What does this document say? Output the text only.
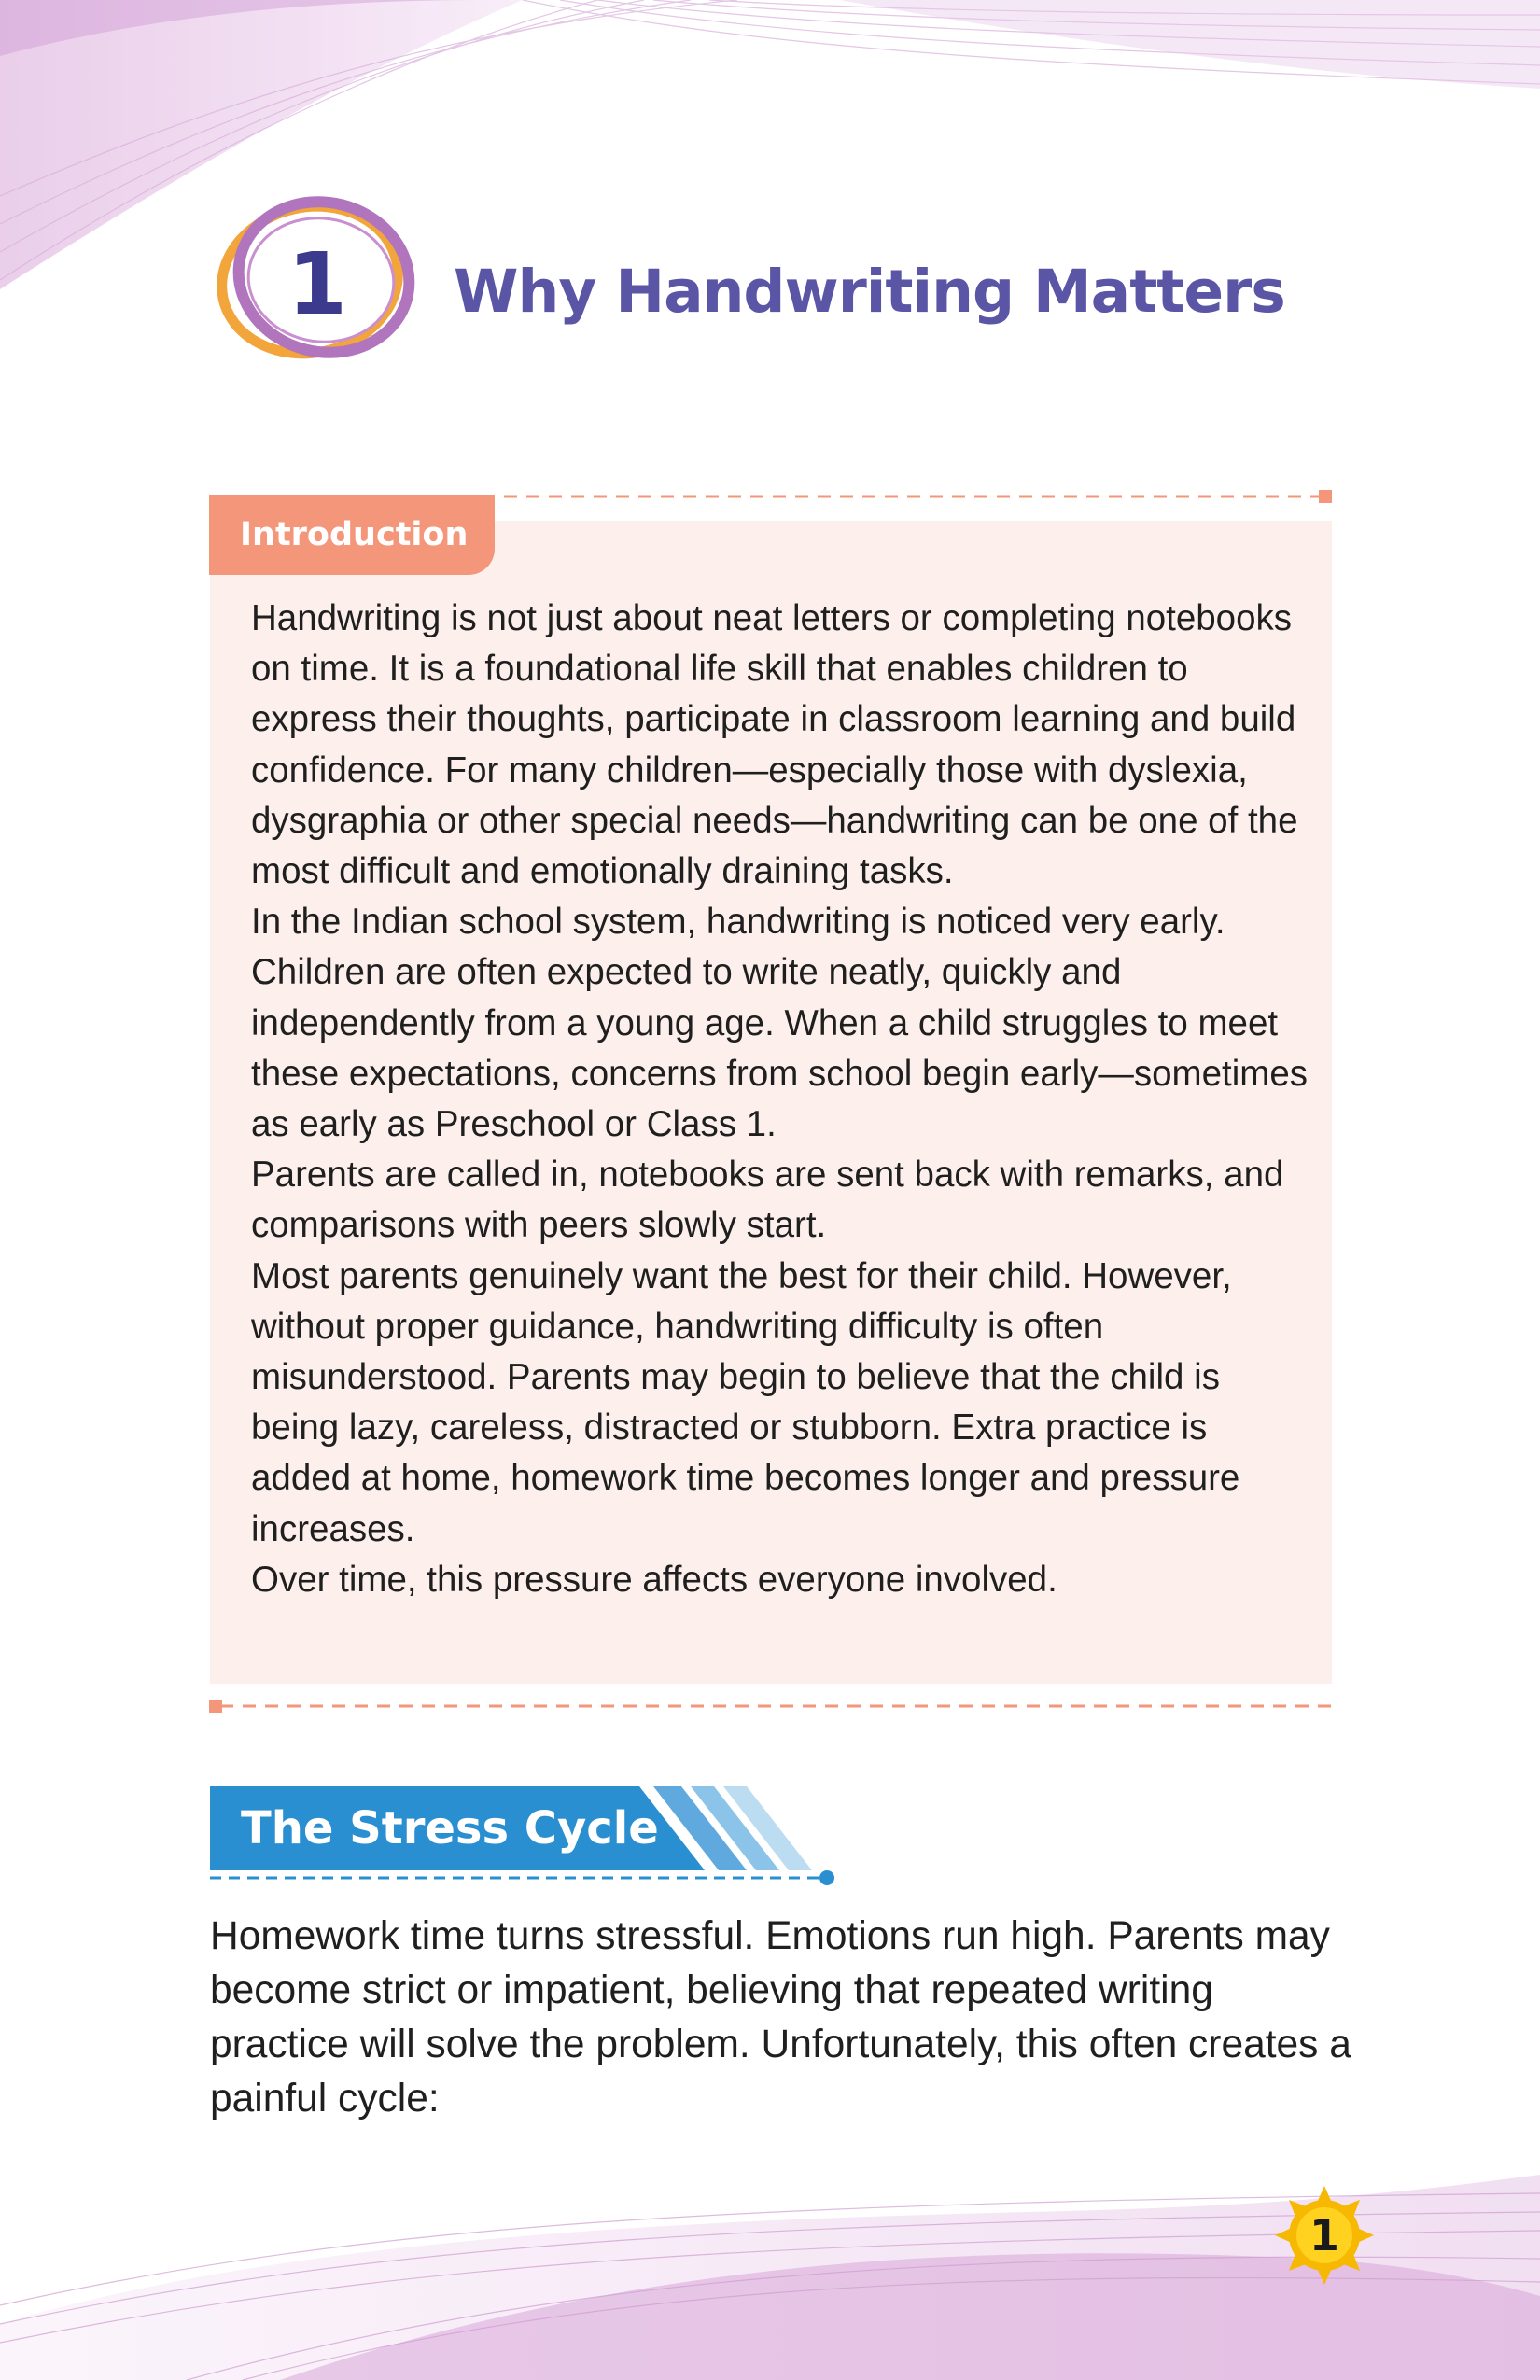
1 Why Handwriting Matters
Introduction

Handwriting is not just about neat letters or completing notebooks on time. It is a foundational life skill that enables children to express their thoughts, participate in classroom learning and build confidence. For many children—especially those with dyslexia, dysgraphia or other special needs—handwriting can be one of the most difficult and emotionally draining tasks.

In the Indian school system, handwriting is noticed very early. Children are often expected to write neatly, quickly and independently from a young age. When a child struggles to meet these expectations, concerns from school begin early—sometimes as early as Preschool or Class 1.

Parents are called in, notebooks are sent back with remarks, and comparisons with peers slowly start.

Most parents genuinely want the best for their child. However, without proper guidance, handwriting difficulty is often misunderstood. Parents may begin to believe that the child is being lazy, careless, distracted or stubborn. Extra practice is added at home, homework time becomes longer and pressure increases.

Over time, this pressure affects everyone involved.

The Stress Cycle
Homework time turns stressful. Emotions run high. Parents may become strict or impatient, believing that repeated writing practice will solve the problem. Unfortunately, this often creates a painful cycle:
1
